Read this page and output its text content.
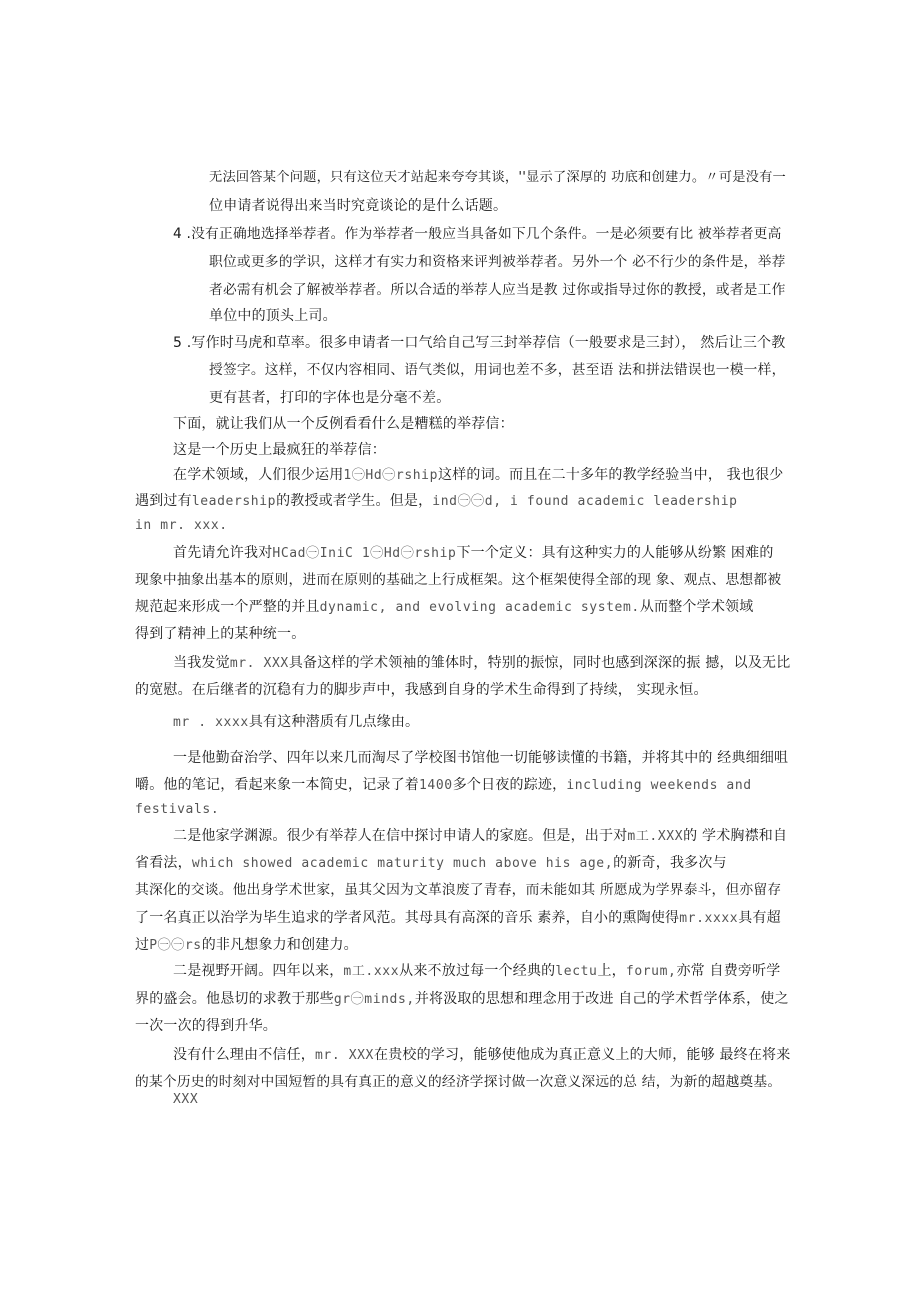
无法回答某个问题，只有这位天才站起来夸夸其谈，''显示了深厚的 功底和创建力。〃可是没有一
位申请者说得出来当时究竟谈论的是什么话题。
4 .没有正确地选择举荐者。作为举荐者一般应当具备如下几个条件。一是必须要有比 被举荐者更高
职位或更多的学识，这样才有实力和资格来评判被举荐者。另外一个 必不行少的条件是，举荐
者必需有机会了解被举荐者。所以合适的举荐人应当是教 过你或指导过你的教授，或者是工作
单位中的顶头上司。
5 .写作时马虎和草率。很多申请者一口气给自己写三封举荐信（一般要求是三封）， 然后让三个教
授签字。这样，不仅内容相同、语气类似，用词也差不多，甚至语 法和拼法错误也一模一样，
更有甚者，打印的字体也是分毫不差。
下面，就让我们从一个反例看看什么是糟糕的举荐信：
这是一个历史上最疯狂的举荐信：
在学术领域，人们很少运用1㊀Hd㊀rship这样的词。而且在二十多年的教学经验当中， 我也很少
遇到过有leadership的教授或者学生。但是，ind㊀㊀d, i found academic leadership
in mr. xxx.
首先请允许我对HCad㊀InіC 1㊀Hd㊀rship下一个定义：具有这种实力的人能够从纷繁 困难的
现象中抽象出基本的原则，进而在原则的基础之上行成框架。这个框架使得全部的现 象、观点、思想都被
规范起来形成一个严整的并且dynamic, and evolving academic system.从而整个学术领域
得到了精神上的某种统一。
当我发觉mr. XXX具备这样的学术领袖的雏体时，特别的振惊，同时也感到深深的振 撼，以及无比
的宽慰。在后继者的沉稳有力的脚步声中，我感到自身的学术生命得到了持续， 实现永恒。
mr . xxxx具有这种潜质有几点缘由。
一是他勤奋治学、四年以来几而淘尽了学校图书馆他一切能够读懂的书籍，并将其中的 经典细细咀
嚼。他的笔记，看起来象一本简史，记录了着1400多个日夜的踪迹，including weekends and
festivals.
二是他家学渊源。很少有举荐人在信中探讨申请人的家庭。但是，出于对m工.XXX的 学术胸襟和自
省看法，which showed academic maturity much above his age,的新奇，我多次与
其深化的交谈。他出身学术世家，虽其父因为文革浪废了青春，而未能如其 所愿成为学界泰斗，但亦留存
了一名真正以治学为毕生追求的学者风范。其母具有高深的音乐 素养，自小的熏陶使得mr.xxxx具有超
过P㊀㊀rs的非凡想象力和创建力。
二是视野开阔。四年以来，m工.xxx从来不放过每一个经典的lectu上，forum,亦常 自费旁听学
界的盛会。他恳切的求教于那些gr㊀minds,并将汲取的思想和理念用于改进 自己的学术哲学体系，使之
一次一次的得到升华。
没有什么理由不信任，mr. XXX在贵校的学习，能够使他成为真正意义上的大师，能够 最终在将来
的某个历史的时刻对中国短暂的具有真正的意义的经济学探讨做一次意义深远的总 结，为新的超越奠基。
XXX
